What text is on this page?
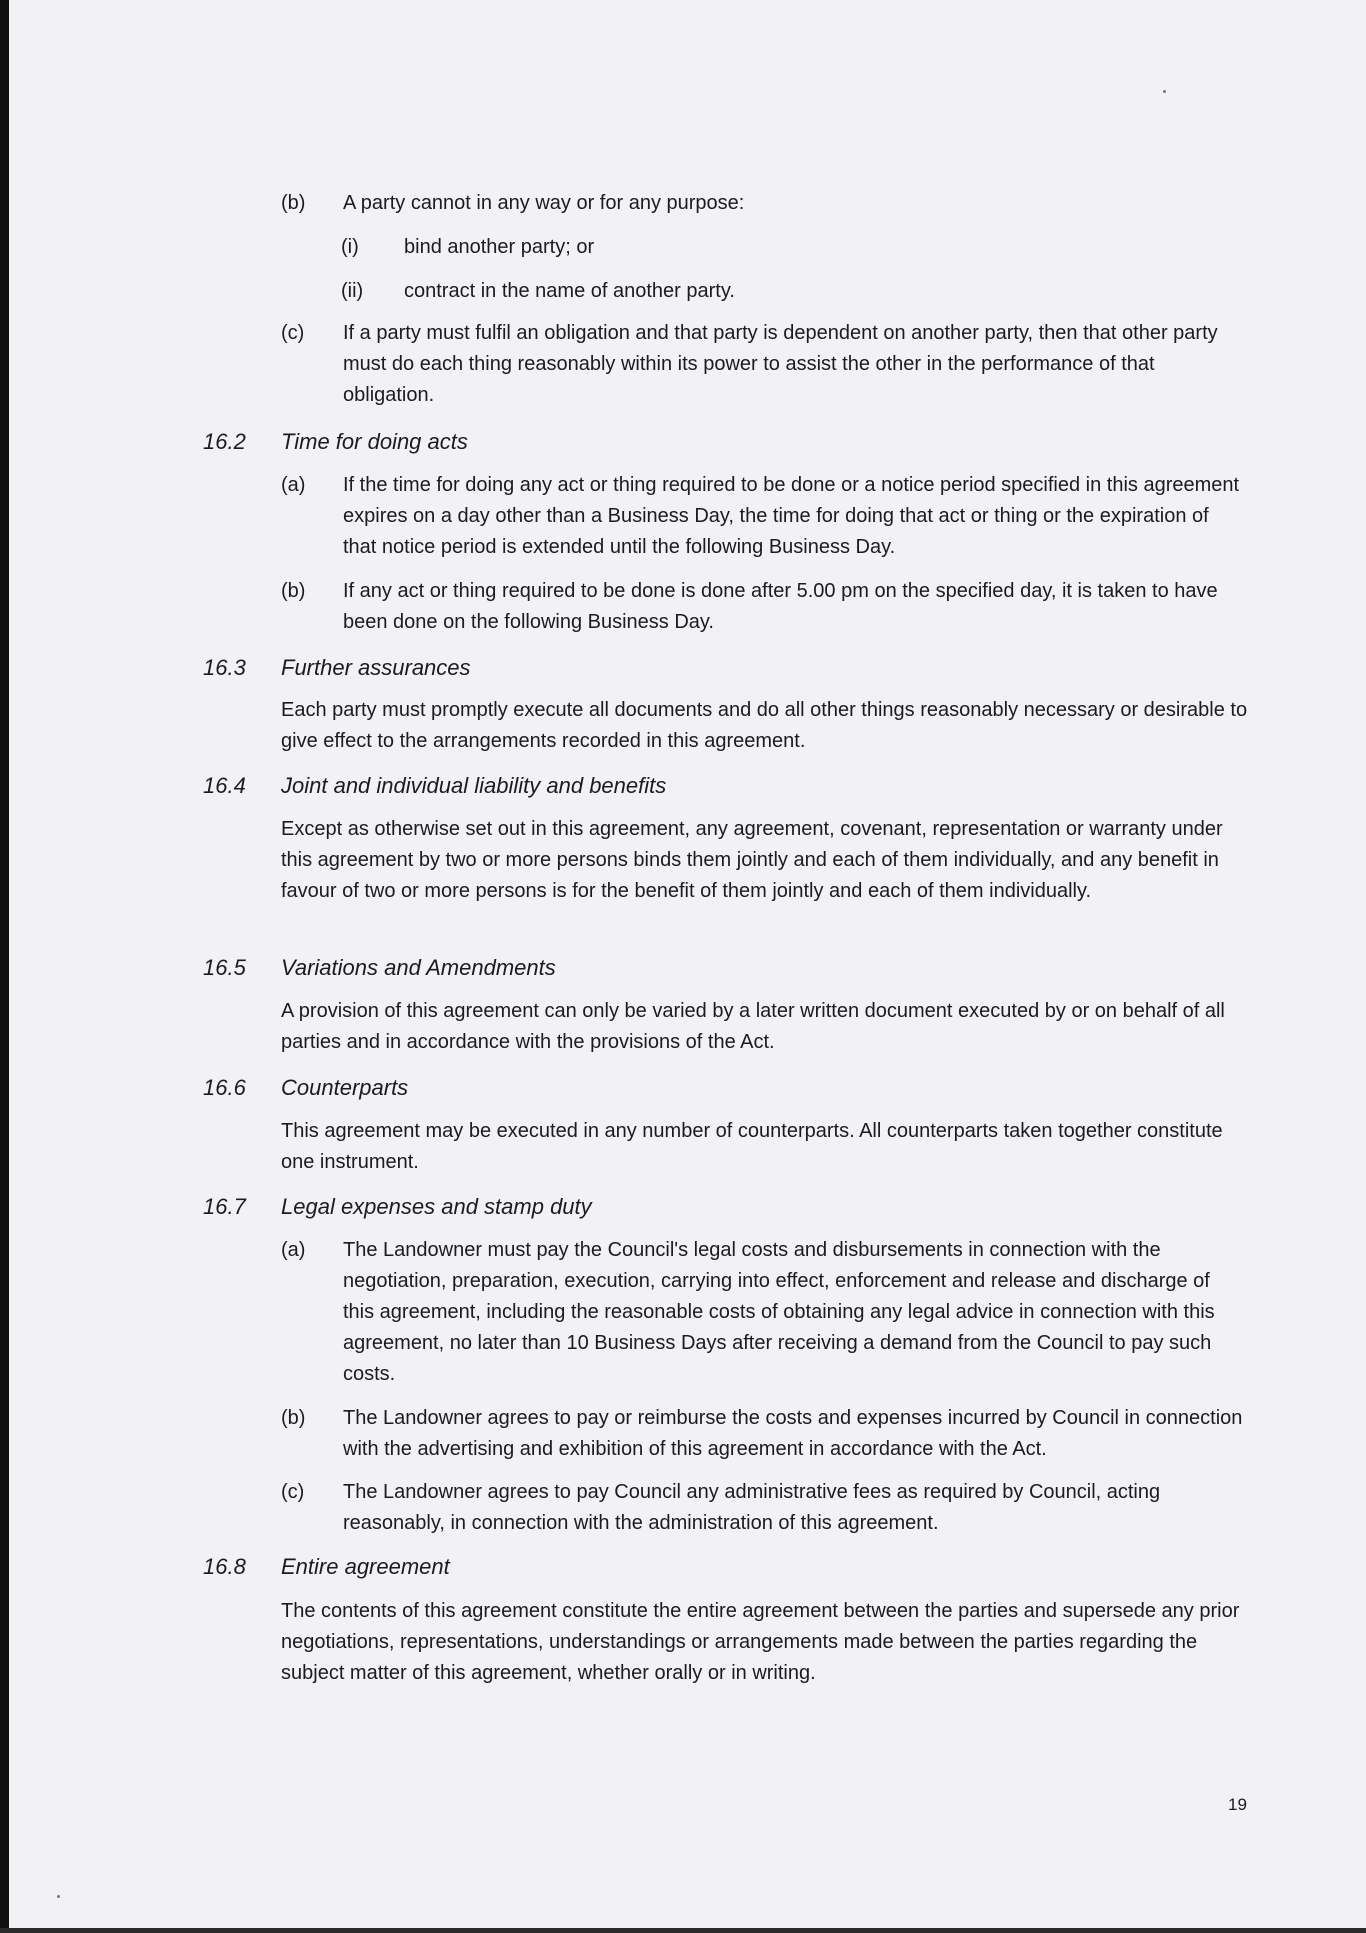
(b)	A party cannot in any way or for any purpose:
(i)	bind another party; or
(ii)	contract in the name of another party.
(c)	If a party must fulfil an obligation and that party is dependent on another party, then that other party must do each thing reasonably within its power to assist the other in the performance of that obligation.
16.2	Time for doing acts
(a)	If the time for doing any act or thing required to be done or a notice period specified in this agreement expires on a day other than a Business Day, the time for doing that act or thing or the expiration of that notice period is extended until the following Business Day.
(b)	If any act or thing required to be done is done after 5.00 pm on the specified day, it is taken to have been done on the following Business Day.
16.3	Further assurances
Each party must promptly execute all documents and do all other things reasonably necessary or desirable to give effect to the arrangements recorded in this agreement.
16.4	Joint and individual liability and benefits
Except as otherwise set out in this agreement, any agreement, covenant, representation or warranty under this agreement by two or more persons binds them jointly and each of them individually, and any benefit in favour of two or more persons is for the benefit of them jointly and each of them individually.
16.5	Variations and Amendments
A provision of this agreement can only be varied by a later written document executed by or on behalf of all parties and in accordance with the provisions of the Act.
16.6	Counterparts
This agreement may be executed in any number of counterparts. All counterparts taken together constitute one instrument.
16.7	Legal expenses and stamp duty
(a)	The Landowner must pay the Council's legal costs and disbursements in connection with the negotiation, preparation, execution, carrying into effect, enforcement and release and discharge of this agreement, including the reasonable costs of obtaining any legal advice in connection with this agreement, no later than 10 Business Days after receiving a demand from the Council to pay such costs.
(b)	The Landowner agrees to pay or reimburse the costs and expenses incurred by Council in connection with the advertising and exhibition of this agreement in accordance with the Act.
(c)	The Landowner agrees to pay Council any administrative fees as required by Council, acting reasonably, in connection with the administration of this agreement.
16.8	Entire agreement
The contents of this agreement constitute the entire agreement between the parties and supersede any prior negotiations, representations, understandings or arrangements made between the parties regarding the subject matter of this agreement, whether orally or in writing.
19
